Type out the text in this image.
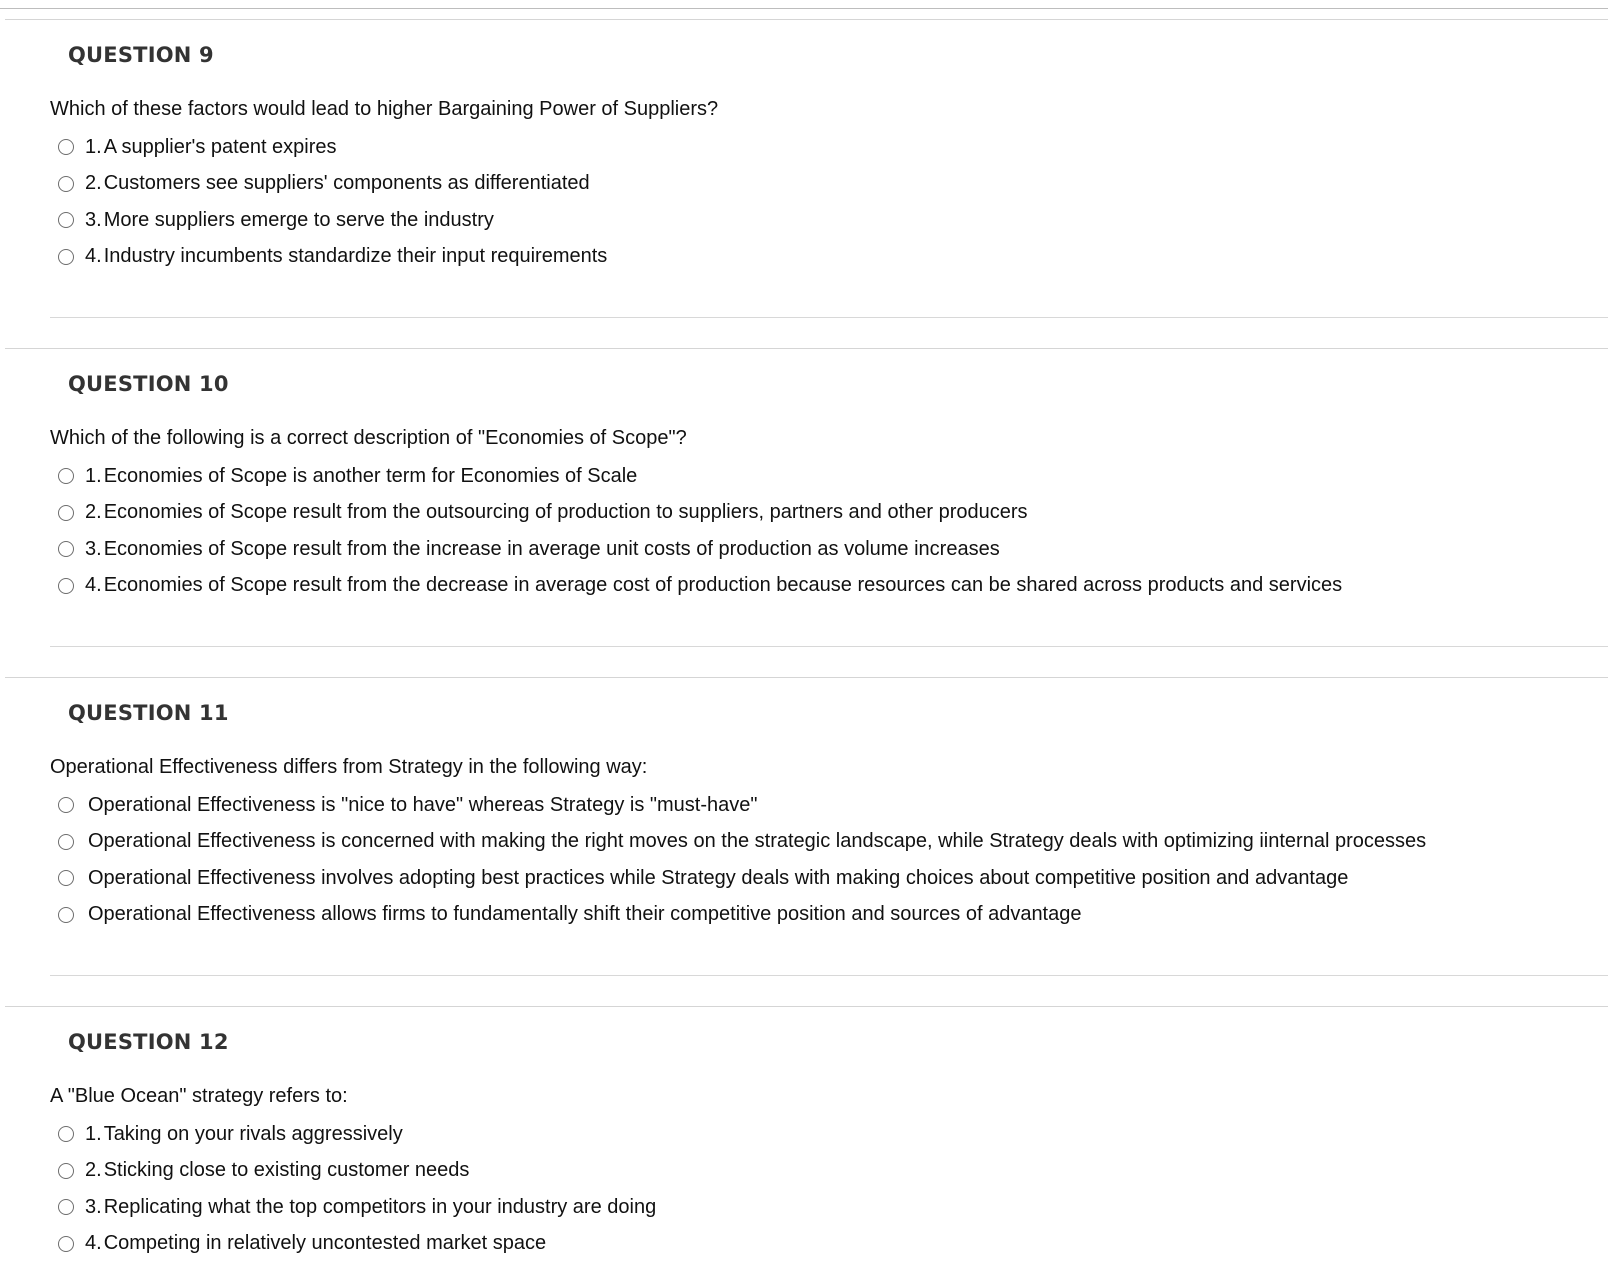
QUESTION 9
Which of these factors would lead to higher Bargaining Power of Suppliers?
1. A supplier's patent expires
2. Customers see suppliers' components as differentiated
3. More suppliers emerge to serve the industry
4. Industry incumbents standardize their input requirements
QUESTION 10
Which of the following is a correct description of "Economies of Scope"?
1. Economies of Scope is another term for Economies of Scale
2. Economies of Scope result from the outsourcing of production to suppliers, partners and other producers
3. Economies of Scope result from the increase in average unit costs of production as volume increases
4. Economies of Scope result from the decrease in average cost of production because resources can be shared across products and services
QUESTION 11
Operational Effectiveness differs from Strategy in the following way:
Operational Effectiveness is "nice to have" whereas Strategy is "must-have"
Operational Effectiveness is concerned with making the right moves on the strategic landscape, while Strategy deals with optimizing iinternal processes
Operational Effectiveness involves adopting best practices while Strategy deals with making choices about competitive position and advantage
Operational Effectiveness allows firms to fundamentally shift their competitive position and sources of advantage
QUESTION 12
A "Blue Ocean" strategy refers to:
1. Taking on your rivals aggressively
2. Sticking close to existing customer needs
3. Replicating what the top competitors in your industry are doing
4. Competing in relatively uncontested market space
